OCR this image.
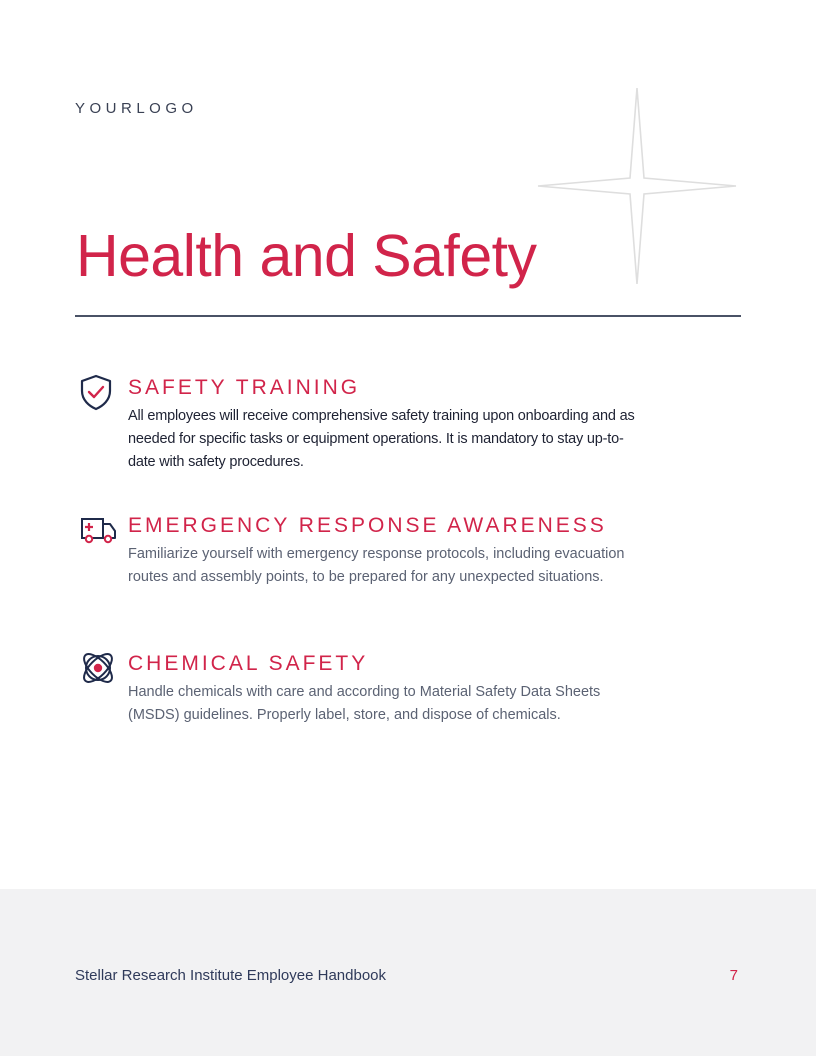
YOURLOGO
Health and Safety
SAFETY TRAINING

All employees will receive comprehensive safety training upon onboarding and as needed for specific tasks or equipment operations. It is mandatory to stay up-to-date with safety procedures.

EMERGENCY RESPONSE AWARENESS

Familiarize yourself with emergency response protocols, including evacuation routes and assembly points, to be prepared for any unexpected situations.

CHEMICAL SAFETY

Handle chemicals with care and according to Material Safety Data Sheets (MSDS) guidelines. Properly label, store, and dispose of chemicals.

Stellar Research Institute Employee Handbook	7
